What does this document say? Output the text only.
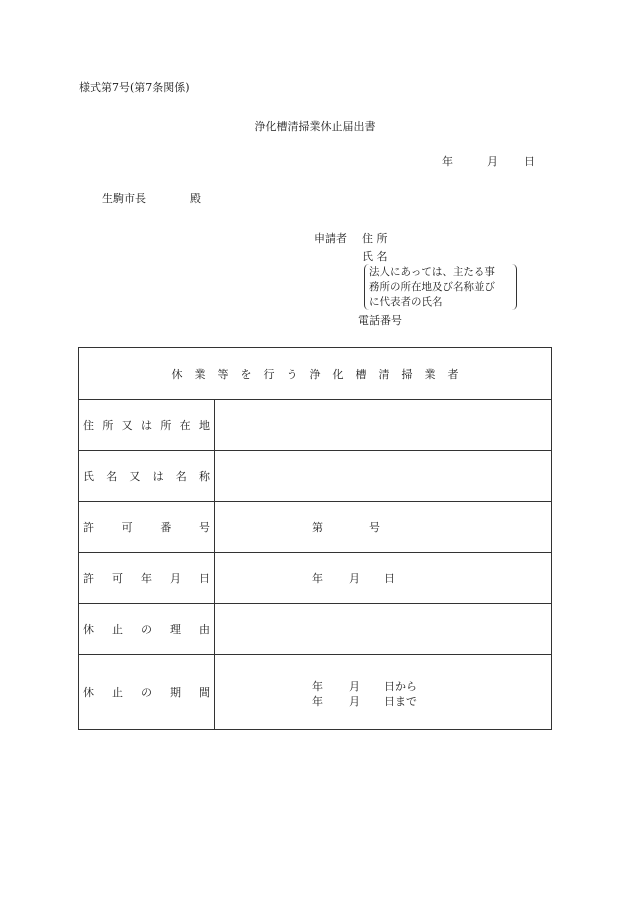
様式第7号(第7条関係)
浄化槽清掃業休止届出書
年	月 日
生駒市長	殿
申請者 住 所
氏 名
法人にあっては、主たる事
務所の所在地及び名称並び
に代表者の氏名
電話番号
休業等を行う浄化槽清掃業者
住所又は所在地
氏名又は名称
許可番号	第	号
許可年月日	年 月 日
休止の理由
休止の期間	年 月 日から
年 月 日まで
